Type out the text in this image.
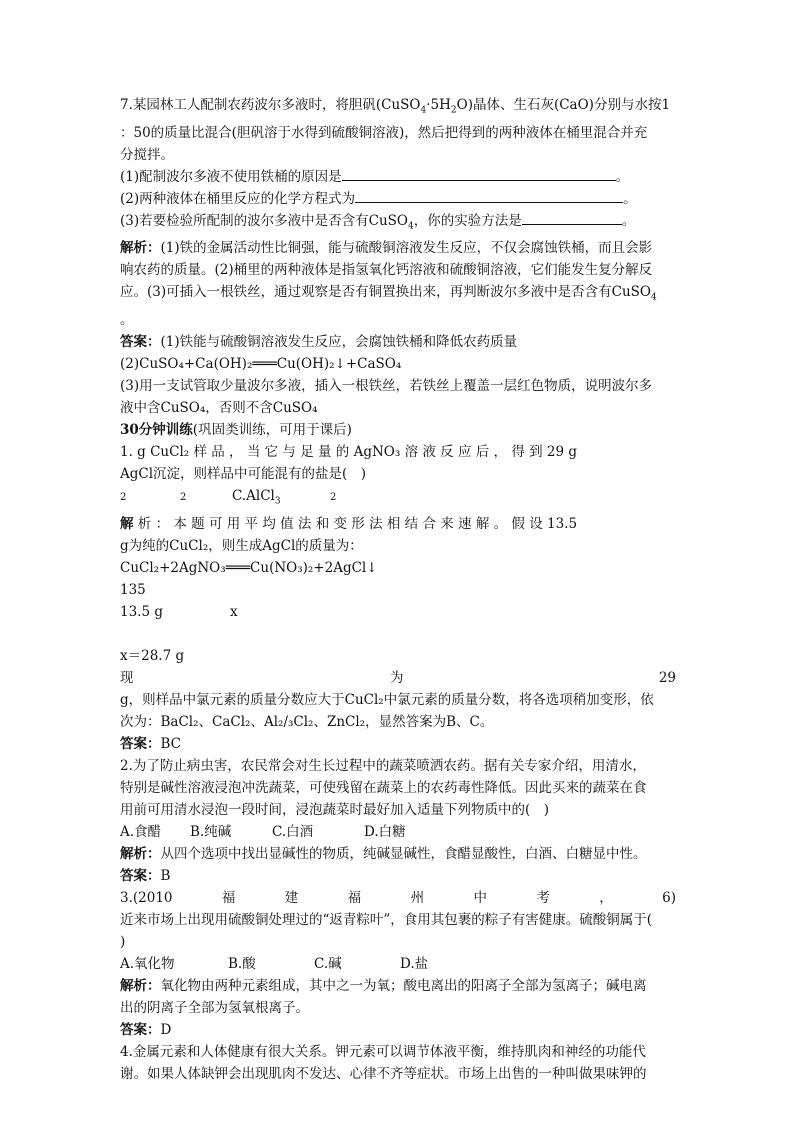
7.某园林工人配制农药波尔多液时，将胆矾$(CuSO_4\cdot 5H_2O)$晶体、生石灰(CaO)分别与水按1

：50的质量比混合(胆矾溶于水得到硫酸铜溶液)，然后把得到的两种液体在桶里混合并充

分搅拌。

(1)配制波尔多液不使用铁桶的原因是	。

(2)两种液体在桶里反应的化学方程式为	。

(3)若要检验所配制的波尔多液中是否含有CuSO$_4$，你的实验方法是	。

解析：(1)铁的金属活动性比铜强，能与硫酸铜溶液发生反应，不仅会腐蚀铁桶，而且会影

响农药的质量。(2)桶里的两种液体是指氢氧化钙溶液和硫酸铜溶液，它们能发生复分解反

应。(3)可插入一根铁丝，通过观察是否有铜置换出来，再判断波尔多液中是否含有CuSO$_4$

。

答案：(1)铁能与硫酸铜溶液发生反应，会腐蚀铁桶和降低农药质量

(2)CuSO₄+Ca(OH)₂═══Cu(OH)₂↓+CaSO₄

(3)用一支试管取少量波尔多液，插入一根铁丝，若铁丝上覆盖一层红色物质，说明波尔多

液中含CuSO₄，否则不含CuSO₄

30分钟训练(巩固类训练，可用于课后)

1. g CuCl₂ 样 品 ， 当 它 与 足 量 的 AgNO₃ 溶 液 反 应 后 ， 得 到 29 g

AgCl沉淀，则样品中可能混有的盐是(　)

2	2	C.AlCl$_3$	2

解 析 ： 本 题 可 用 平 均 值 法 和 变 形 法 相 结 合 来 速 解 。 假 设 13.5

g为纯的CuCl₂，则生成AgCl的质量为：

CuCl₂+2AgNO₃═══Cu(NO₃)₂+2AgCl↓

135

13.5 g	x

x＝28.7 g

现	为	29

g，则样品中氯元素的质量分数应大于CuCl₂中氯元素的质量分数，将各选项稍加变形，依

次为：BaCl₂、CaCl₂、Al₂/₃Cl₂、ZnCl₂，显然答案为B、C。

答案：BC

2.为了防止病虫害，农民常会对生长过程中的蔬菜喷洒农药。据有关专家介绍，用清水，

特别是碱性溶液浸泡冲洗蔬菜，可使残留在蔬菜上的农药毒性降低。因此买来的蔬菜在食

用前可用清水浸泡一段时间，浸泡蔬菜时最好加入适量下列物质中的(　)

A.食醋 B.纯碱	C.白酒	D.白糖

解析：从四个选项中找出显碱性的物质，纯碱显碱性，食醋显酸性，白酒、白糖显中性。

答案：B

3.(2010	福	建	福	州	中	考	，	6)

近来市场上出现用硫酸铜处理过的“返青粽叶”，食用其包裹的粽子有害健康。硫酸铜属于(

)

A.氧化物	B.酸	C.碱	D.盐

解析：氧化物由两种元素组成，其中之一为氧；酸电离出的阳离子全部为氢离子；碱电离

出的阴离子全部为氢氧根离子。

答案：D

4.金属元素和人体健康有很大关系。钾元素可以调节体液平衡，维持肌肉和神经的功能代

谢。如果人体缺钾会出现肌肉不发达、心律不齐等症状。市场上出售的一种叫做果味钾的
